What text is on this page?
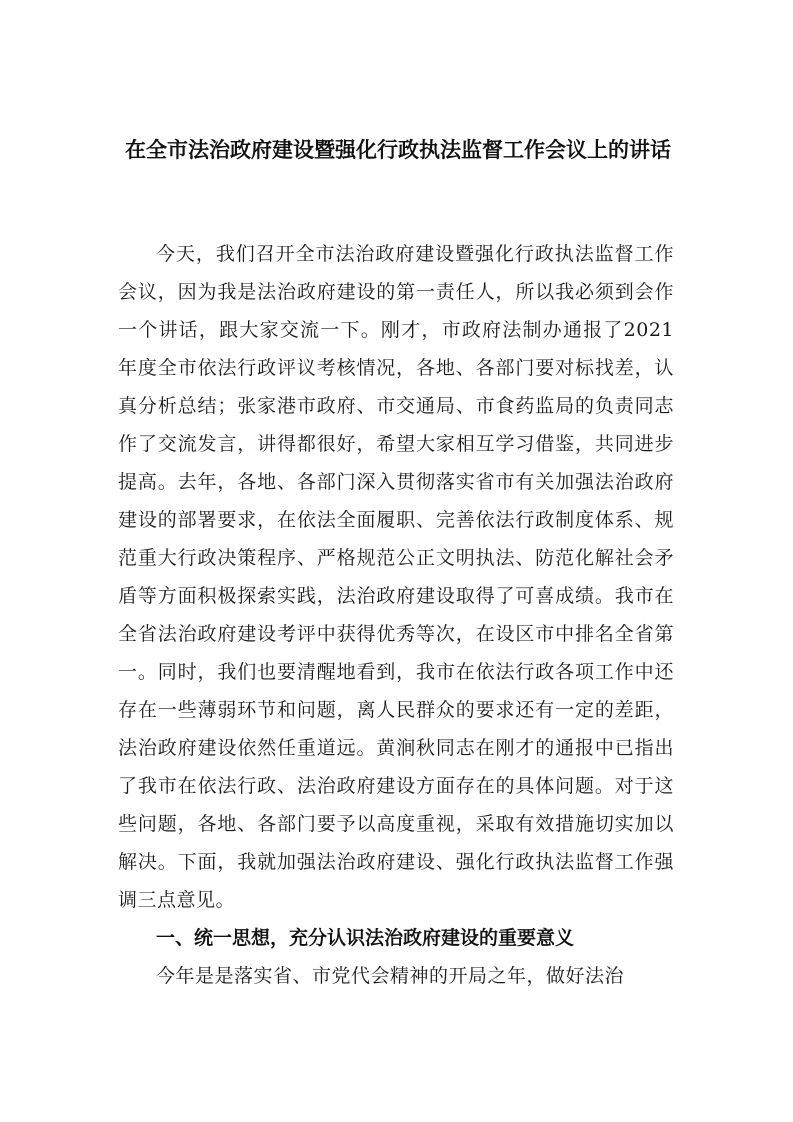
在全市法治政府建设暨强化行政执法监督工作会议上的讲话

今天，我们召开全市法治政府建设暨强化行政执法监督工作会议，因为我是法治政府建设的第一责任人，所以我必须到会作一个讲话，跟大家交流一下。刚才，市政府法制办通报了2021年度全市依法行政评议考核情况，各地、各部门要对标找差，认真分析总结；张家港市政府、市交通局、市食药监局的负责同志作了交流发言，讲得都很好，希望大家相互学习借鉴，共同进步提高。去年，各地、各部门深入贯彻落实省市有关加强法治政府建设的部署要求，在依法全面履职、完善依法行政制度体系、规范重大行政决策程序、严格规范公正文明执法、防范化解社会矛盾等方面积极探索实践，法治政府建设取得了可喜成绩。我市在全省法治政府建设考评中获得优秀等次，在设区市中排名全省第一。同时，我们也要清醒地看到，我市在依法行政各项工作中还存在一些薄弱环节和问题，离人民群众的要求还有一定的差距，法治政府建设依然任重道远。黄涧秋同志在刚才的通报中已指出了我市在依法行政、法治政府建设方面存在的具体问题。对于这些问题，各地、各部门要予以高度重视，采取有效措施切实加以解决。下面，我就加强法治政府建设、强化行政执法监督工作强调三点意见。

一、统一思想，充分认识法治政府建设的重要意义

今年是是落实省、市党代会精神的开局之年，做好法治
